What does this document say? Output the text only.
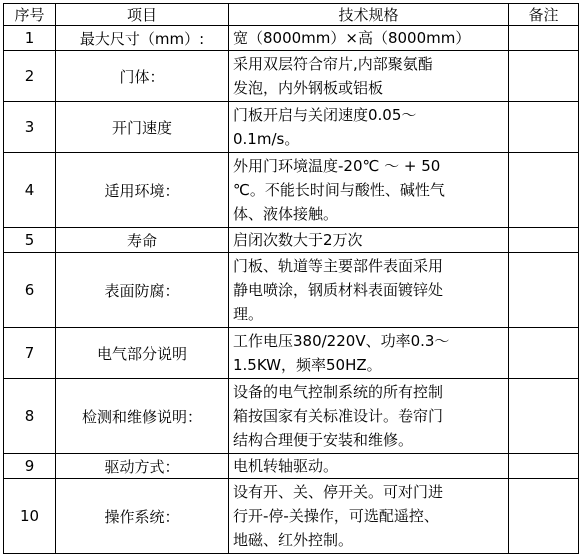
序号	项目	技术规格	备注
1	最大尺寸（mm）:	宽（8000mm）×高（8000mm）	

2	门体：	采用双层符合帘片,内部聚氨酯
发泡，内外钢板或铝板	

3	开门速度	门板开启与关闭速度0.05～
0.1m/s。	

4	适用环境：	外用门环境温度-20℃ ～ + 50
℃。不能长时间与酸性、碱性气
体、液体接触。	

5	寿命	启闭次数大于2万次	

6	表面防腐：	门板、轨道等主要部件表面采用
静电喷涂，钢质材料表面镀锌处
理。	

7	电气部分说明	工作电压380/220V、功率0.3～
1.5KW，频率50HZ。	

8	检测和维修说明：	设备的电气控制系统的所有控制
箱按国家有关标准设计。卷帘门
结构合理便于安装和维修。	

9	驱动方式：	电机转轴驱动。	

10	操作系统：	设有开、关、停开关。可对门进
行开-停-关操作，可选配遥控、
地磁、红外控制。	
